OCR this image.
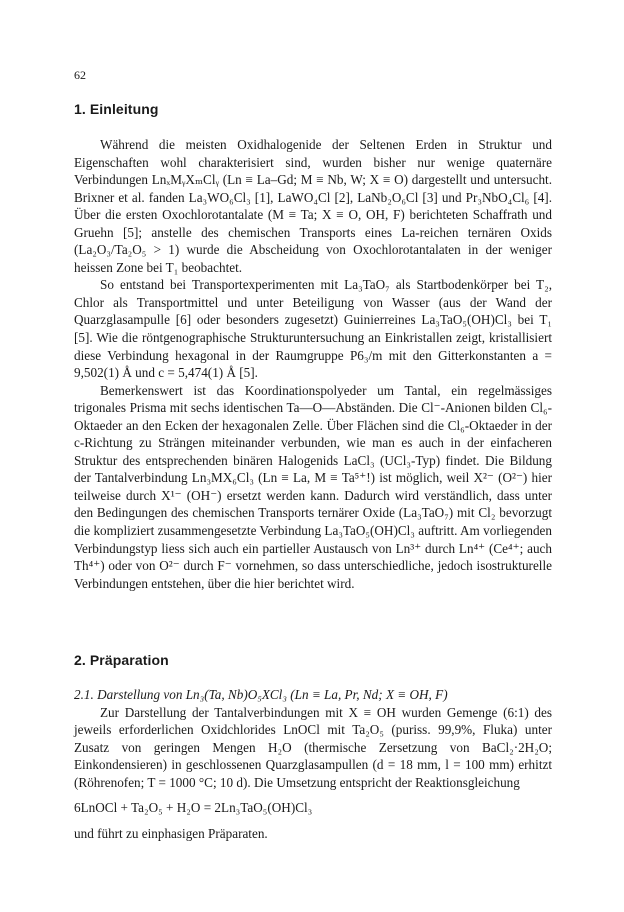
62
1. Einleitung

Während die meisten Oxidhalogenide der Seltenen Erden in Struktur und Eigenschaften wohl charakterisiert sind, wurden bisher nur wenige quaternäre Verbindungen LnₓMᵧXₘClᵧ (Ln ≡ La–Gd; M ≡ Nb, W; X ≡ O) dargestellt und untersucht. Brixner et al. fanden La₃WO₆Cl₃ [1], LaWO₄Cl [2], LaNb₂O₆Cl [3] und Pr₃NbO₄Cl₆ [4]. Über die ersten Oxochlorotantalate (M ≡ Ta; X ≡ O, OH, F) berichteten Schaffrath und Gruehn [5]; anstelle des chemischen Transports eines La-reichen ternären Oxids (La₂O₃/Ta₂O₅ > 1) wurde die Abscheidung von Oxochlorotantalaten in der weniger heissen Zone bei T₁ beobachtet.

So entstand bei Transportexperimenten mit La₃TaO₇ als Startbodenkörper bei T₂, Chlor als Transportmittel und unter Beteiligung von Wasser (aus der Wand der Quarzglasampulle [6] oder besonders zugesetzt) Guinierreines La₃TaO₅(OH)Cl₃ bei T₁ [5]. Wie die röntgenographische Strukturuntersuchung an Einkristallen zeigt, kristallisiert diese Verbindung hexagonal in der Raumgruppe P6₃/m mit den Gitterkonstanten a = 9,502(1) Å und c = 5,474(1) Å [5].

Bemerkenswert ist das Koordinationspolyeder um Tantal, ein regelmässiges trigonales Prisma mit sechs identischen Ta—O—Abständen. Die Cl⁻-Anionen bilden Cl₆-Oktaeder an den Ecken der hexagonalen Zelle. Über Flächen sind die Cl₆-Oktaeder in der c-Richtung zu Strängen miteinander verbunden, wie man es auch in der einfacheren Struktur des entsprechenden binären Halogenids LaCl₃ (UCl₃-Typ) findet. Die Bildung der Tantalverbindung Ln₃MX₆Cl₃ (Ln ≡ La, M ≡ Ta⁵⁺!) ist möglich, weil X²⁻ (O²⁻) hier teilweise durch X¹⁻ (OH⁻) ersetzt werden kann. Dadurch wird verständlich, dass unter den Bedingungen des chemischen Transports ternärer Oxide (La₃TaO₇) mit Cl₂ bevorzugt die kompliziert zusammengesetzte Verbindung La₃TaO₅(OH)Cl₃ auftritt. Am vorliegenden Verbindungstyp liess sich auch ein partieller Austausch von Ln³⁺ durch Ln⁴⁺ (Ce⁴⁺; auch Th⁴⁺) oder von O²⁻ durch F⁻ vornehmen, so dass unterschiedliche, jedoch isostrukturelle Verbindungen entstehen, über die hier berichtet wird.

2. Präparation

2.1. Darstellung von Ln₃(Ta, Nb)O₅XCl₃ (Ln ≡ La, Pr, Nd; X ≡ OH, F)

Zur Darstellung der Tantalverbindungen mit X ≡ OH wurden Gemenge (6:1) des jeweils erforderlichen Oxidchlorides LnOCl mit Ta₂O₅ (puriss. 99,9%, Fluka) unter Zusatz von geringen Mengen H₂O (thermische Zersetzung von BaCl₂·2H₂O; Einkondensieren) in geschlossenen Quarzglasampullen (d = 18 mm, l = 100 mm) erhitzt (Röhrenofen; T = 1000 °C; 10 d). Die Umsetzung entspricht der Reaktionsgleichung

6LnOCl + Ta₂O₅ + H₂O = 2Ln₃TaO₅(OH)Cl₃

und führt zu einphasigen Präparaten.
